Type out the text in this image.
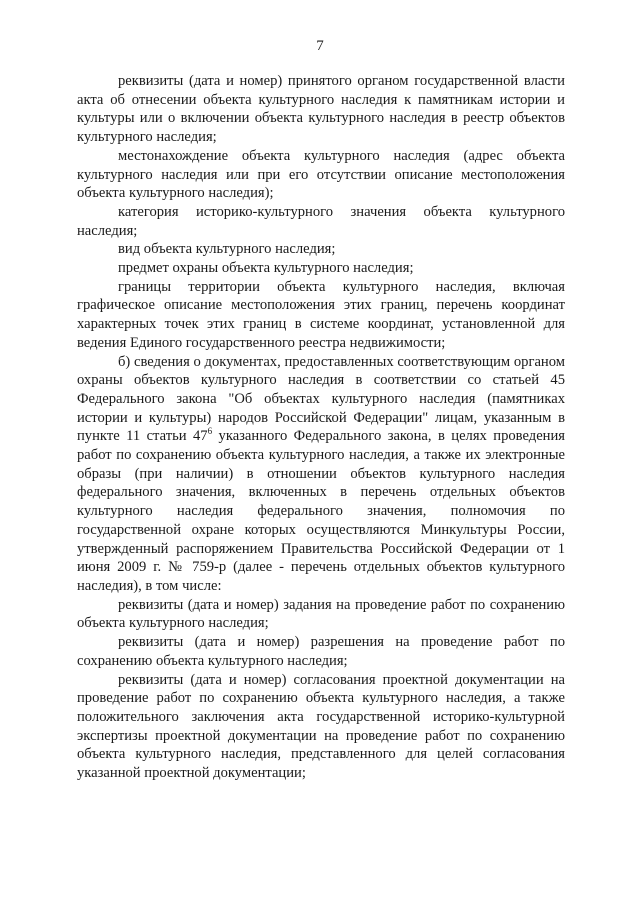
7

реквизиты (дата и номер) принятого органом государственной власти акта об отнесении объекта культурного наследия к памятникам истории и культуры или о включении объекта культурного наследия в реестр объектов культурного наследия;

местонахождение объекта культурного наследия (адрес объекта культурного наследия или при его отсутствии описание местоположения объекта культурного наследия);

категория историко-культурного значения объекта культурного наследия;

вид объекта культурного наследия;

предмет охраны объекта культурного наследия;

границы территории объекта культурного наследия, включая графическое описание местоположения этих границ, перечень координат характерных точек этих границ в системе координат, установленной для ведения Единого государственного реестра недвижимости;

б) сведения о документах, предоставленных соответствующим органом охраны объектов культурного наследия в соответствии со статьей 45 Федерального закона "Об объектах культурного наследия (памятниках истории и культуры) народов Российской Федерации" лицам, указанным в пункте 11 статьи $47^6$ указанного Федерального закона, в целях проведения работ по сохранению объекта культурного наследия, а также их электронные образы (при наличии) в отношении объектов культурного наследия федерального значения, включенных в перечень отдельных объектов культурного наследия федерального значения, полномочия по государственной охране которых осуществляются Минкультуры России, утвержденный распоряжением Правительства Российской Федерации от 1 июня 2009 г. № 759-р (далее - перечень отдельных объектов культурного наследия), в том числе:

реквизиты (дата и номер) задания на проведение работ по сохранению объекта культурного наследия;

реквизиты (дата и номер) разрешения на проведение работ по сохранению объекта культурного наследия;

реквизиты (дата и номер) согласования проектной документации на проведение работ по сохранению объекта культурного наследия, а также положительного заключения акта государственной историко-культурной экспертизы проектной документации на проведение работ по сохранению объекта культурного наследия, представленного для целей согласования указанной проектной документации;
